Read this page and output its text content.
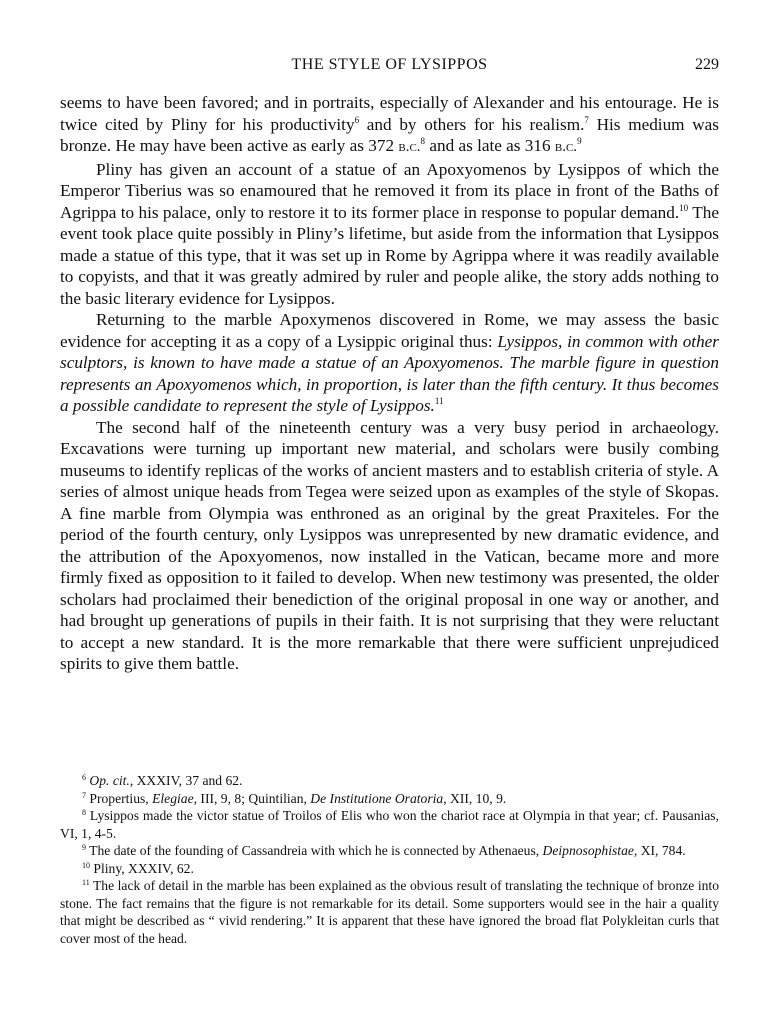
THE STYLE OF LYSIPPOS	229

seems to have been favored; and in portraits, especially of Alexander and his entourage. He is twice cited by Pliny for his productivity$^6$ and by others for his realism.$^7$ His medium was bronze. He may have been active as early as 372 b.c.$^8$ and as late as 316 b.c.$^9$

Pliny has given an account of a statue of an Apoxyomenos by Lysippos of which the Emperor Tiberius was so enamoured that he removed it from its place in front of the Baths of Agrippa to his palace, only to restore it to its former place in response to popular demand.$^{10}$ The event took place quite possibly in Pliny’s lifetime, but aside from the information that Lysippos made a statue of this type, that it was set up in Rome by Agrippa where it was readily available to copyists, and that it was greatly admired by ruler and people alike, the story adds nothing to the basic literary evidence for Lysippos.

Returning to the marble Apoxymenos discovered in Rome, we may assess the basic evidence for accepting it as a copy of a Lysippic original thus: Lysippos, in common with other sculptors, is known to have made a statue of an Apoxyomenos. The marble figure in question represents an Apoxyomenos which, in proportion, is later than the fifth century. It thus becomes a possible candidate to represent the style of Lysippos.$^{11}$

The second half of the nineteenth century was a very busy period in archaeology. Excavations were turning up important new material, and scholars were busily combing museums to identify replicas of the works of ancient masters and to establish criteria of style. A series of almost unique heads from Tegea were seized upon as examples of the style of Skopas. A fine marble from Olympia was enthroned as an original by the great Praxiteles. For the period of the fourth century, only Lysippos was unrepresented by new dramatic evidence, and the attribution of the Apoxyomenos, now installed in the Vatican, became more and more firmly fixed as opposition to it failed to develop. When new testimony was presented, the older scholars had proclaimed their benediction of the original proposal in one way or another, and had brought up generations of pupils in their faith. It is not surprising that they were reluctant to accept a new standard. It is the more remarkable that there were sufficient unprejudiced spirits to give them battle.

$^6$ Op. cit., XXXIV, 37 and 62.

$^7$ Propertius, Elegiae, III, 9, 8; Quintilian, De Institutione Oratoria, XII, 10, 9.

$^8$ Lysippos made the victor statue of Troilos of Elis who won the chariot race at Olympia in that year; cf. Pausanias, VI, 1, 4-5.

$^9$ The date of the founding of Cassandreia with which he is connected by Athenaeus, Deipnosophistae, XI, 784.

$^{10}$ Pliny, XXXIV, 62.

$^{11}$ The lack of detail in the marble has been explained as the obvious result of translating the technique of bronze into stone. The fact remains that the figure is not remarkable for its detail. Some supporters would see in the hair a quality that might be described as “ vivid rendering.” It is apparent that these have ignored the broad flat Polykleitan curls that cover most of the head.
